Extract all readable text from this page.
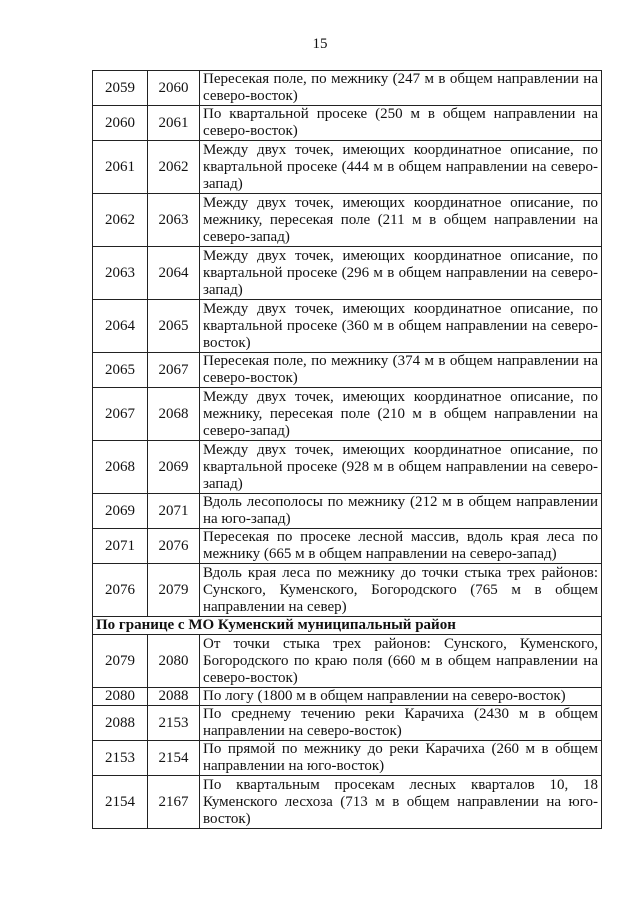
15
2059	2060	Пересекая поле, по межнику (247 м в общем направлении на северо-восток)
2060	2061	По квартальной просеке (250 м в общем направлении на северо-восток)
2061	2062	Между двух точек, имеющих координатное описание, по квартальной просеке (444 м в общем направлении на северо-запад)
2062	2063	Между двух точек, имеющих координатное описание, по межнику, пересекая поле (211 м в общем направлении на северо-запад)
2063	2064	Между двух точек, имеющих координатное описание, по квартальной просеке (296 м в общем направлении на северо-запад)
2064	2065	Между двух точек, имеющих координатное описание, по квартальной просеке (360 м в общем направлении на северо-восток)
2065	2067	Пересекая поле, по межнику (374 м в общем направлении на северо-восток)
2067	2068	Между двух точек, имеющих координатное описание, по межнику, пересекая поле (210 м в общем направлении на северо-запад)
2068	2069	Между двух точек, имеющих координатное описание, по квартальной просеке (928 м в общем направлении на северо-запад)
2069	2071	Вдоль лесополосы по межнику (212 м в общем направлении на юго-запад)
2071	2076	Пересекая по просеке лесной массив, вдоль края леса по межнику (665 м в общем направлении на северо-запад)
2076	2079	Вдоль края леса по межнику до точки стыка трех районов: Сунского, Куменского, Богородского (765 м в общем направлении на север)
По границе с МО Куменский муниципальный район		
2079	2080	От точки стыка трех районов: Сунского, Куменского, Богородского по краю поля (660 м в общем направлении на северо-восток)
2080	2088	По логу (1800 м в общем направлении на северо-восток)
2088	2153	По среднему течению реки Карачиха (2430 м в общем направлении на северо-восток)
2153	2154	По прямой по межнику до реки Карачиха (260 м в общем направлении на юго-восток)
2154	2167	По квартальным просекам лесных кварталов 10, 18 Куменского лесхоза (713 м в общем направлении на юго-восток)
